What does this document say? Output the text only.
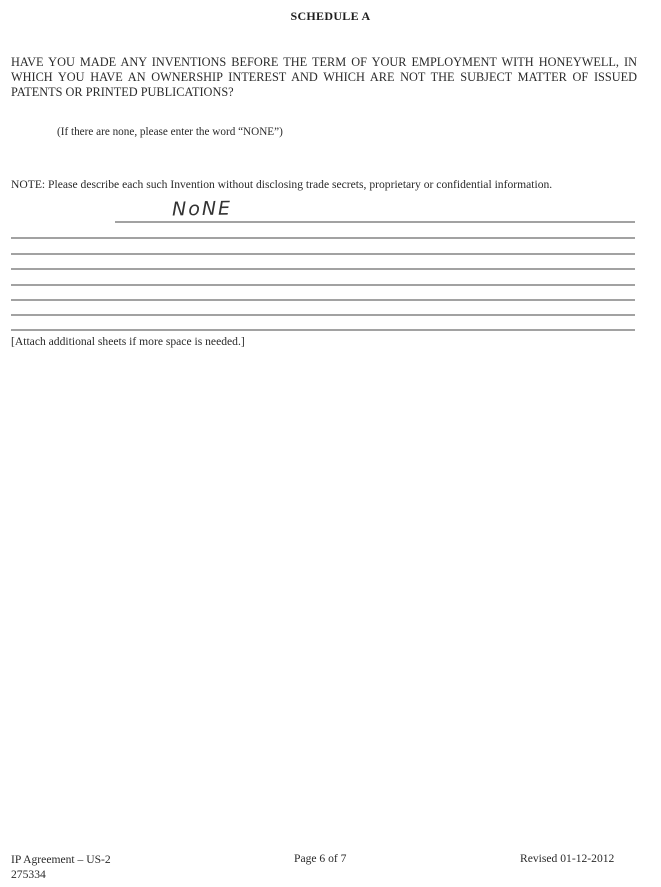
SCHEDULE A
HAVE YOU MADE ANY INVENTIONS BEFORE THE TERM OF YOUR EMPLOYMENT WITH HONEYWELL, IN WHICH YOU HAVE AN OWNERSHIP INTEREST AND WHICH ARE NOT THE SUBJECT MATTER OF ISSUED PATENTS OR PRINTED PUBLICATIONS?
(If there are none, please enter the word “NONE”)
NOTE: Please describe each such Invention without disclosing trade secrets, proprietary or confidential information.
NoNE
[Attach additional sheets if more space is needed.]
IP Agreement – US-2
275334
Page 6 of 7	Revised 01-12-2012
